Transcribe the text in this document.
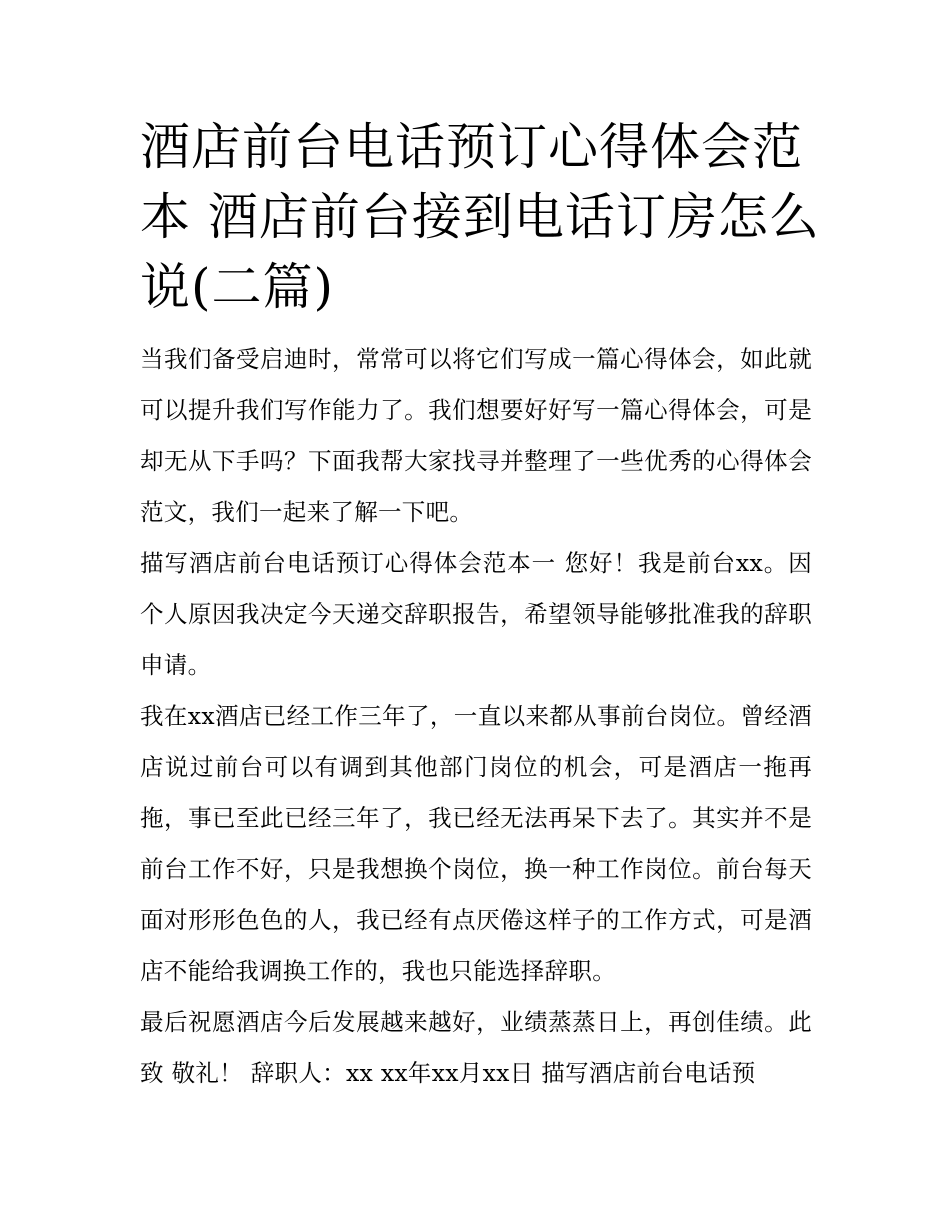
酒店前台电话预订心得体会范本 酒店前台接到电话订房怎么说(二篇)

当我们备受启迪时，常常可以将它们写成一篇心得体会，如此就可以提升我们写作能力了。我们想要好好写一篇心得体会，可是却无从下手吗？下面我帮大家找寻并整理了一些优秀的心得体会范文，我们一起来了解一下吧。

描写酒店前台电话预订心得体会范本一 您好！我是前台xx。因个人原因我决定今天递交辞职报告，希望领导能够批准我的辞职申请。

我在xx酒店已经工作三年了，一直以来都从事前台岗位。曾经酒店说过前台可以有调到其他部门岗位的机会，可是酒店一拖再拖，事已至此已经三年了，我已经无法再呆下去了。其实并不是前台工作不好，只是我想换个岗位，换一种工作岗位。前台每天面对形形色色的人，我已经有点厌倦这样子的工作方式，可是酒店不能给我调换工作的，我也只能选择辞职。

最后祝愿酒店今后发展越来越好，业绩蒸蒸日上，再创佳绩。此致 敬礼！ 辞职人：xx xx年xx月xx日 描写酒店前台电话预
